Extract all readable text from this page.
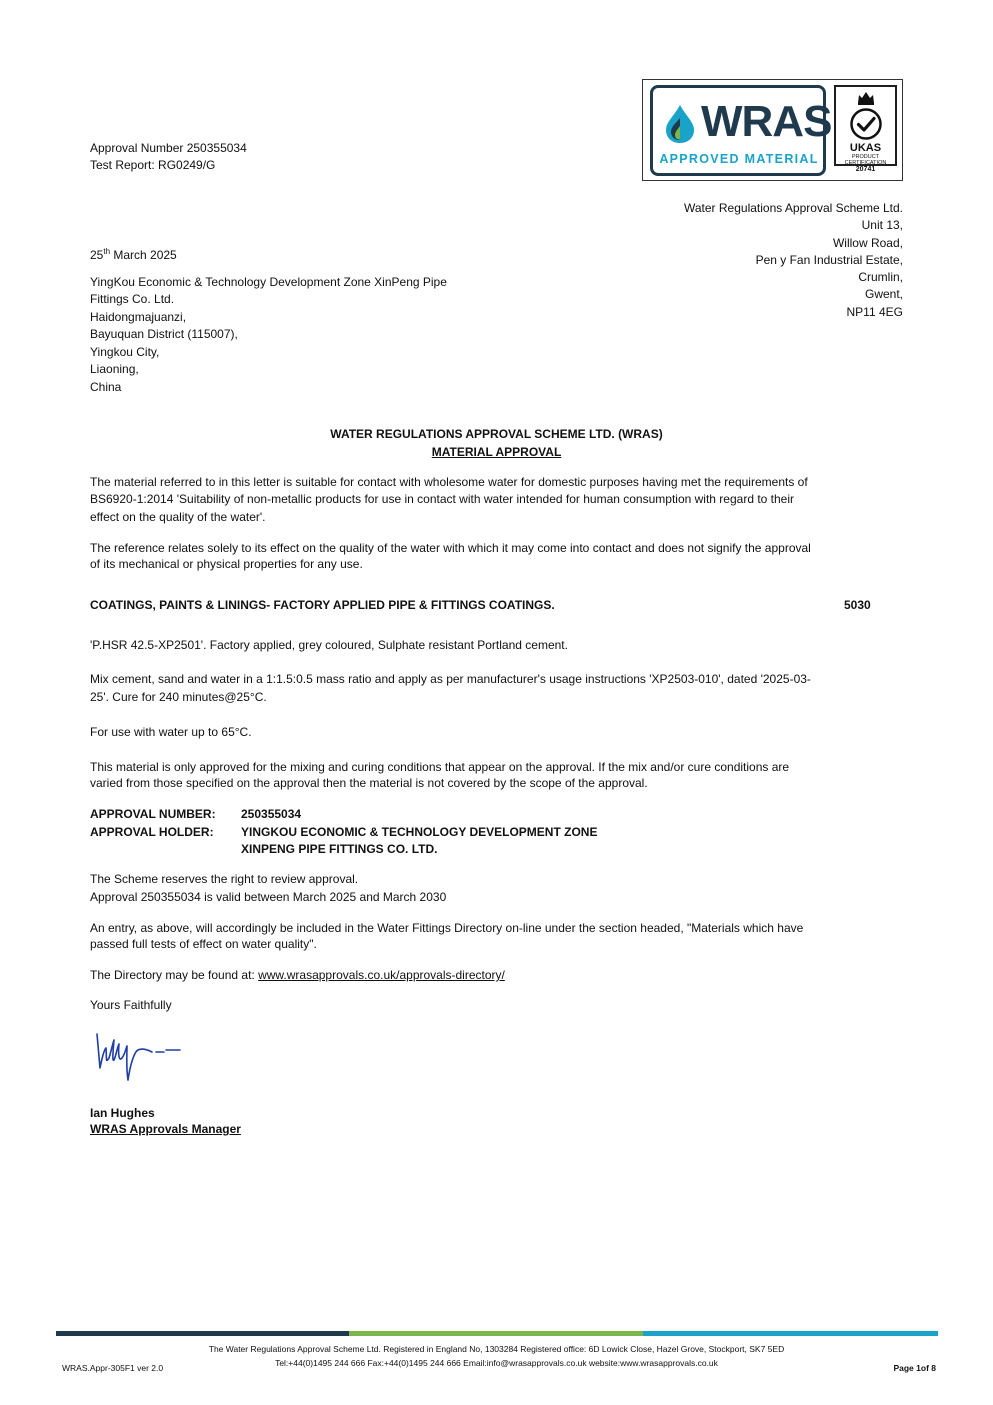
WRAS
APPROVED MATERIAL
UKAS
PRODUCT
CERTIFICATION
20741
Approval Number 250355034
Test Report: RG0249/G
Water Regulations Approval Scheme Ltd.
Unit 13,
Willow Road,
Pen y Fan Industrial Estate,
Crumlin,
Gwent,
NP11 4EG
25th March 2025
YingKou Economic & Technology Development Zone XinPeng Pipe
Fittings Co. Ltd.
Haidongmajuanzi,
Bayuquan District (115007),
Yingkou City,
Liaoning,
China
WATER REGULATIONS APPROVAL SCHEME LTD. (WRAS)
MATERIAL APPROVAL
The material referred to in this letter is suitable for contact with wholesome water for domestic purposes having met the requirements of
BS6920-1:2014 'Suitability of non-metallic products for use in contact with water intended for human consumption with regard to their
effect on the quality of the water'.
The reference relates solely to its effect on the quality of the water with which it may come into contact and does not signify the approval
of its mechanical or physical properties for any use.
COATINGS, PAINTS & LININGS- FACTORY APPLIED PIPE & FITTINGS COATINGS.	5030
'P.HSR 42.5-XP2501'. Factory applied, grey coloured, Sulphate resistant Portland cement.
Mix cement, sand and water in a 1:1.5:0.5 mass ratio and apply as per manufacturer's usage instructions 'XP2503-010', dated '2025-03-
25'. Cure for 240 minutes@25°C.
For use with water up to 65°C.
This material is only approved for the mixing and curing conditions that appear on the approval. If the mix and/or cure conditions are
varied from those specified on the approval then the material is not covered by the scope of the approval.
APPROVAL NUMBER: 250355034
APPROVAL HOLDER: YINGKOU ECONOMIC & TECHNOLOGY DEVELOPMENT ZONE
XINPENG PIPE FITTINGS CO. LTD.
The Scheme reserves the right to review approval.
Approval 250355034 is valid between March 2025 and March 2030
An entry, as above, will accordingly be included in the Water Fittings Directory on-line under the section headed, "Materials which have
passed full tests of effect on water quality".
The Directory may be found at: www.wrasapprovals.co.uk/approvals-directory/
Yours Faithfully
Ian Hughes
WRAS Approvals Manager
The Water Regulations Approval Scheme Ltd. Registered in England No, 1303284 Registered office: 6D Lowick Close, Hazel Grove, Stockport, SK7 5ED
Tel:+44(0)1495 244 666 Fax:+44(0)1495 244 666 Email:info@wrasapprovals.co.uk website:www.wrasapprovals.co.uk
WRAS.Appr-305F1 ver 2.0	Page 1of 8
